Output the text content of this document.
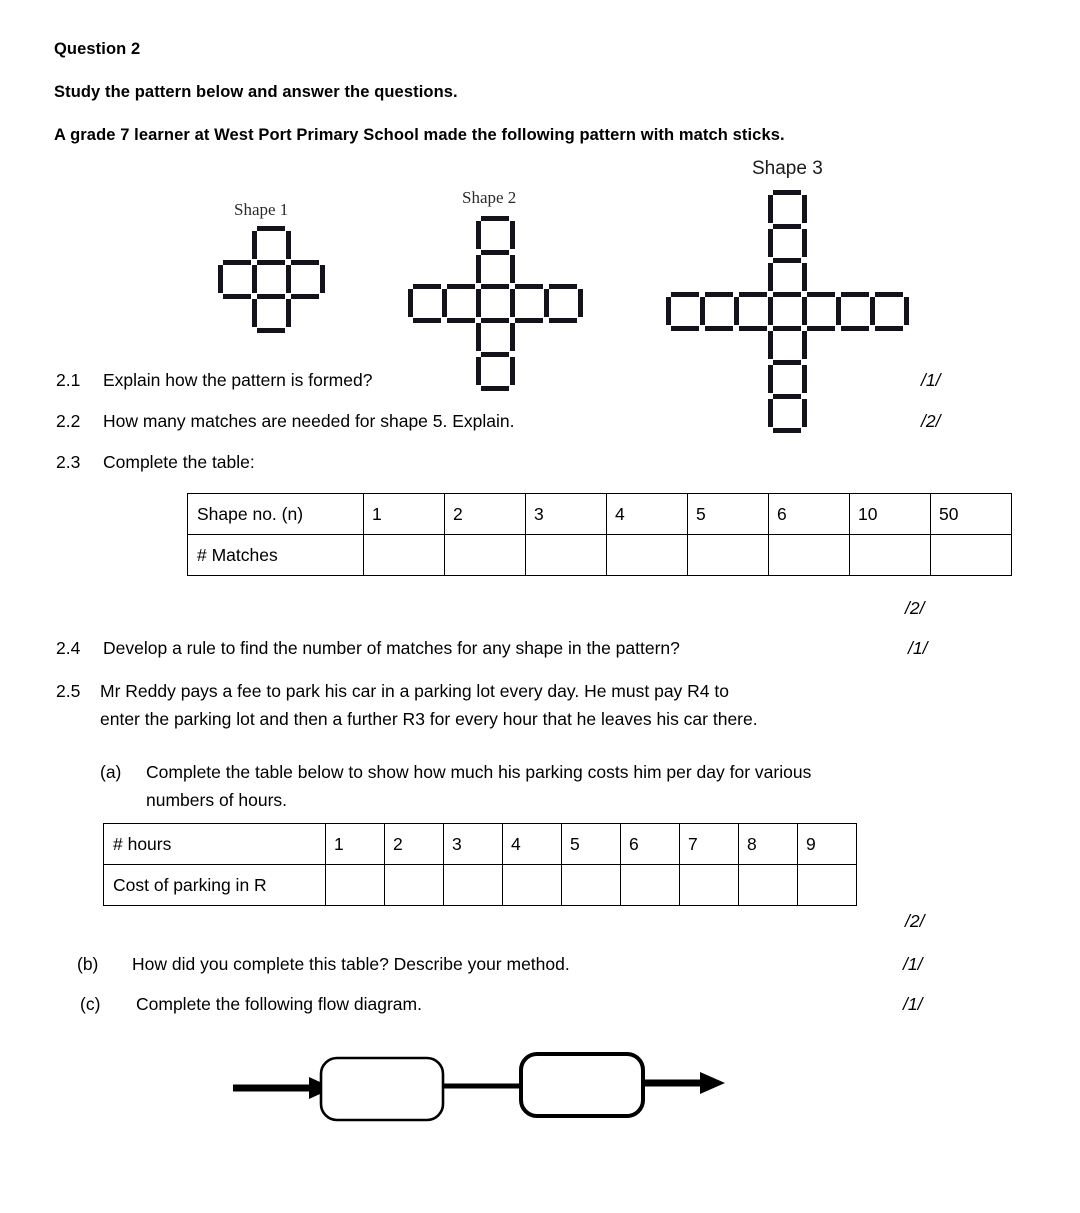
Question 2
Study the pattern below and answer the questions.
A grade 7 learner at West Port Primary School made the following pattern with match sticks.
Shape 1
Shape 2
Shape 3
2.1 Explain how the pattern is formed?	/1/
2.2 How many matches are needed for shape 5. Explain.	/2/
2.3 Complete the table:
Shape no. (n)	1	2	3	4	5	6	10	50
# Matches								
/2/
2.4 Develop a rule to find the number of matches for any shape in the pattern?	/1/
2.5 Mr Reddy pays a fee to park his car in a parking lot every day. He must pay R4 to
enter the parking lot and then a further R3 for every hour that he leaves his car there.
(a) Complete the table below to show how much his parking costs him per day for various
numbers of hours.
# hours	1	2	3	4	5	6	7	8	9
Cost of parking in R									
/2/
(b) How did you complete this table? Describe your method.	/1/
(c) Complete the following flow diagram.	/1/
